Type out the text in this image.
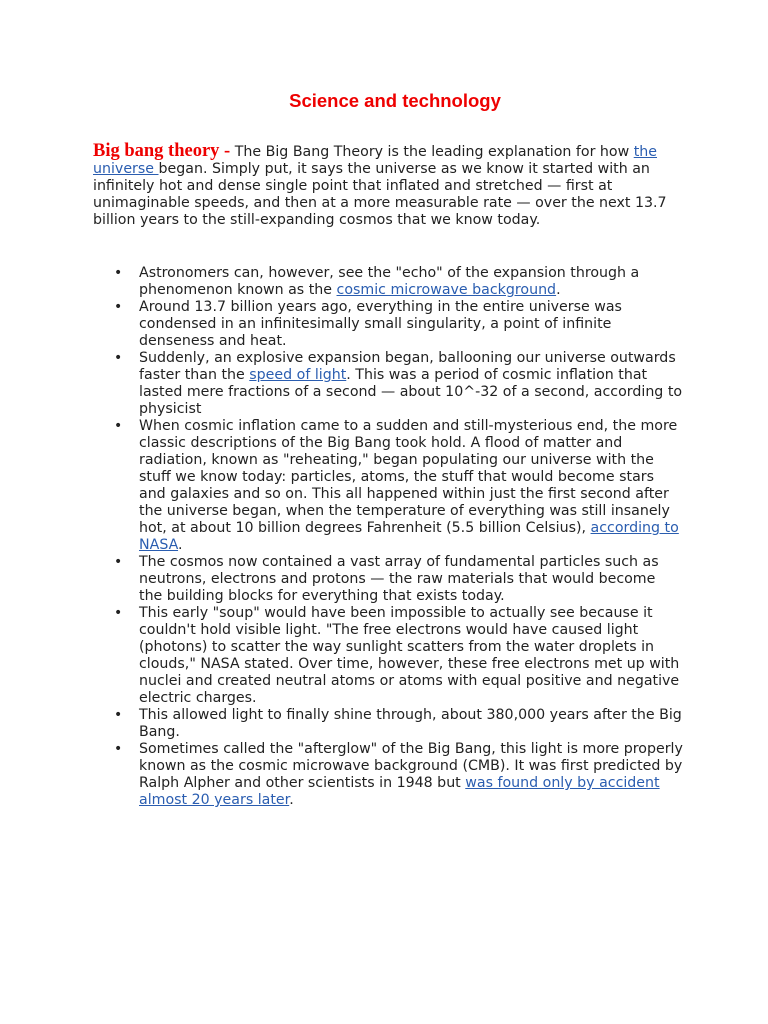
Science and technology

Big bang theory - The Big Bang Theory is the leading explanation for how the universe began. Simply put, it says the universe as we know it started with an infinitely hot and dense single point that inflated and stretched — first at unimaginable speeds, and then at a more measurable rate — over the next 13.7 billion years to the still-expanding cosmos that we know today.

• Astronomers can, however, see the "echo" of the expansion through a phenomenon known as the cosmic microwave background.
• Around 13.7 billion years ago, everything in the entire universe was condensed in an infinitesimally small singularity, a point of infinite denseness and heat.
• Suddenly, an explosive expansion began, ballooning our universe outwards faster than the speed of light. This was a period of cosmic inflation that lasted mere fractions of a second — about 10^-32 of a second, according to physicist
• When cosmic inflation came to a sudden and still-mysterious end, the more classic descriptions of the Big Bang took hold. A flood of matter and radiation, known as "reheating," began populating our universe with the stuff we know today: particles, atoms, the stuff that would become stars and galaxies and so on. This all happened within just the first second after the universe began, when the temperature of everything was still insanely hot, at about 10 billion degrees Fahrenheit (5.5 billion Celsius), according to NASA.
• The cosmos now contained a vast array of fundamental particles such as neutrons, electrons and protons — the raw materials that would become the building blocks for everything that exists today.
• This early "soup" would have been impossible to actually see because it couldn't hold visible light. "The free electrons would have caused light (photons) to scatter the way sunlight scatters from the water droplets in clouds," NASA stated. Over time, however, these free electrons met up with nuclei and created neutral atoms or atoms with equal positive and negative electric charges.
• This allowed light to finally shine through, about 380,000 years after the Big Bang.
• Sometimes called the "afterglow" of the Big Bang, this light is more properly known as the cosmic microwave background (CMB). It was first predicted by Ralph Alpher and other scientists in 1948 but was found only by accident almost 20 years later.
